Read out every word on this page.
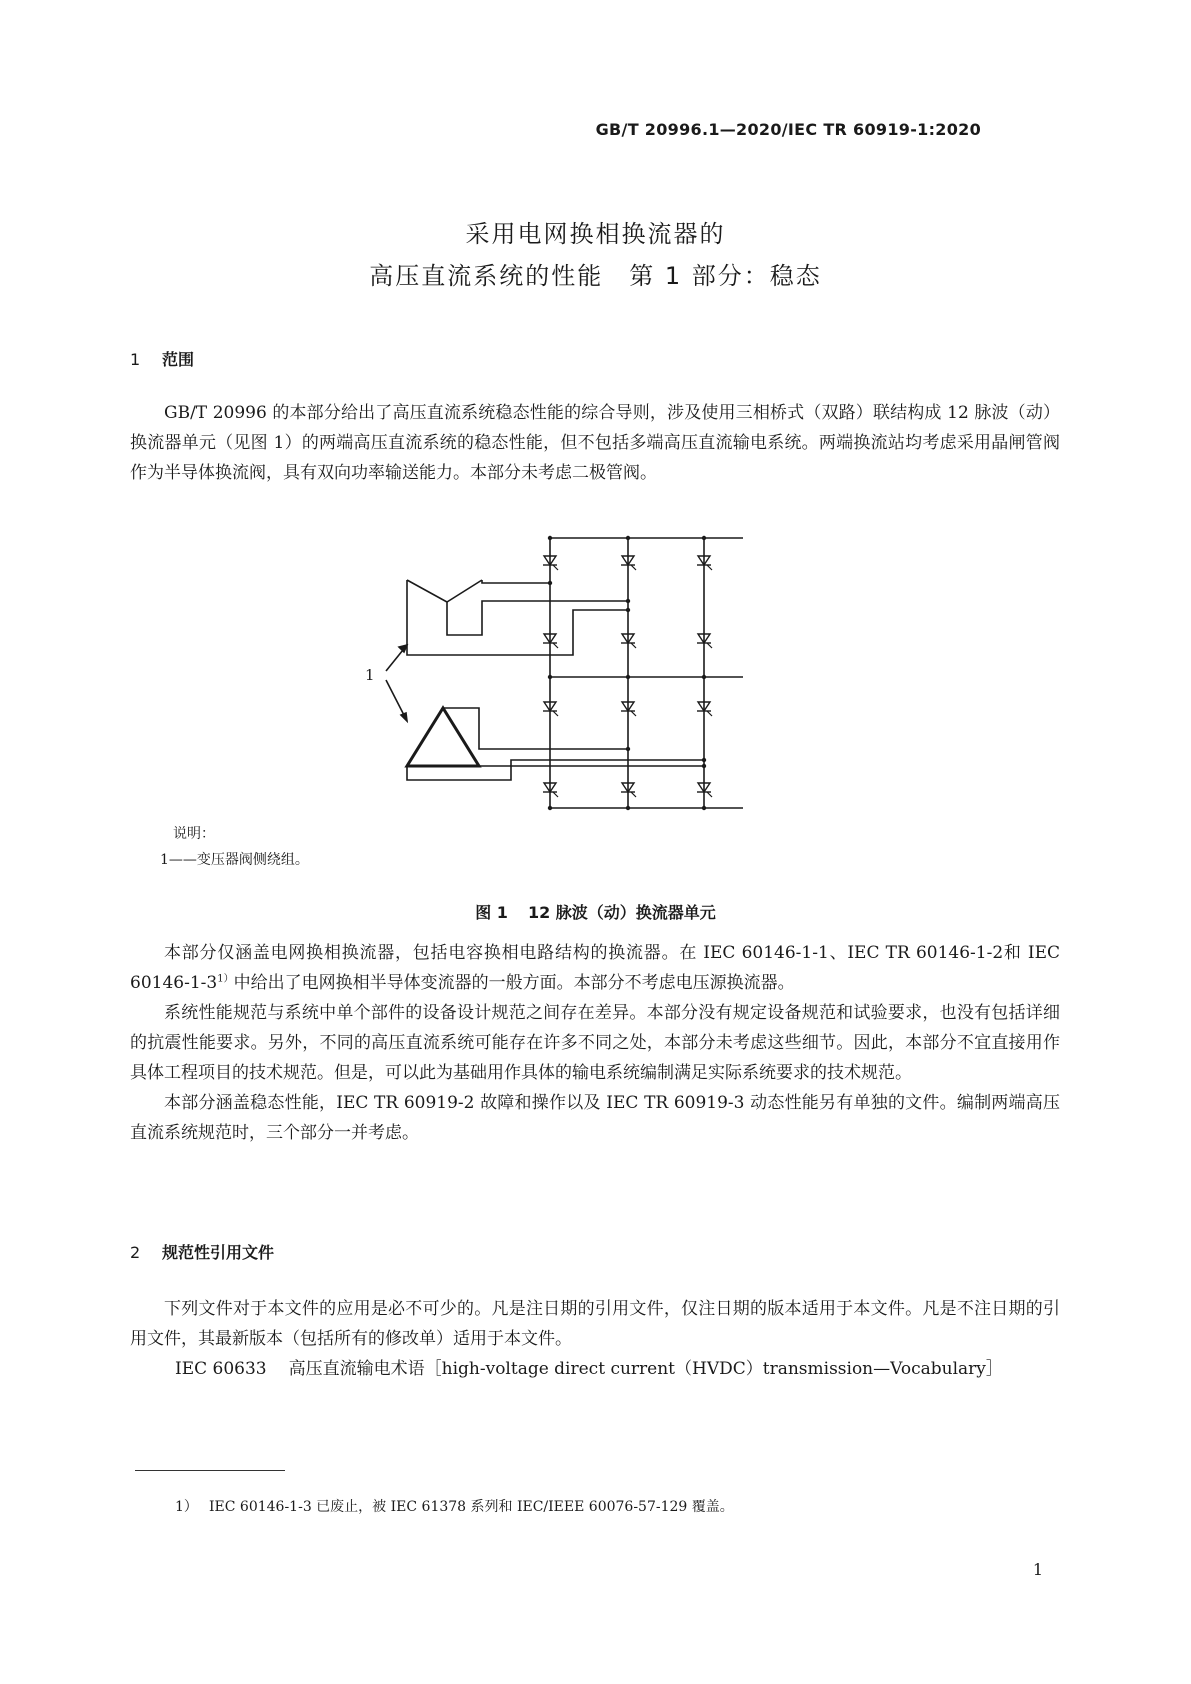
GB/T 20996.1—2020/IEC TR 60919-1:2020
采用电网换相换流器的
高压直流系统的性能　第 1 部分：稳态
1 范围

GB/T 20996 的本部分给出了高压直流系统稳态性能的综合导则，涉及使用三相桥式（双路）联结构成 12 脉波（动）换流器单元（见图 1）的两端高压直流系统的稳态性能，但不包括多端高压直流输电系统。两端换流站均考虑采用晶闸管阀作为半导体换流阀，具有双向功率输送能力。本部分未考虑二极管阀。

1
说明：
1——变压器阀侧绕组。
图 1 12 脉波（动）换流器单元

本部分仅涵盖电网换相换流器，包括电容换相电路结构的换流器。在 IEC 60146-1-1、IEC TR 60146-1-2和 IEC $60146-1-3^{1)}$中给出了电网换相半导体变流器的一般方面。本部分不考虑电压源换流器。

系统性能规范与系统中单个部件的设备设计规范之间存在差异。本部分没有规定设备规范和试验要求，也没有包括详细的抗震性能要求。另外，不同的高压直流系统可能存在许多不同之处，本部分未考虑这些细节。因此，本部分不宜直接用作具体工程项目的技术规范。但是，可以此为基础用作具体的输电系统编制满足实际系统要求的技术规范。

本部分涵盖稳态性能，IEC TR 60919-2 故障和操作以及 IEC TR 60919-3 动态性能另有单独的文件。编制两端高压直流系统规范时，三个部分一并考虑。

2 规范性引用文件

下列文件对于本文件的应用是必不可少的。凡是注日期的引用文件，仅注日期的版本适用于本文件。凡是不注日期的引用文件，其最新版本（包括所有的修改单）适用于本文件。

IEC 60633 高压直流输电术语［high-voltage direct current（HVDC）transmission—Vocabulary］
1） IEC 60146-1-3 已废止，被 IEC 61378 系列和 IEC/IEEE 60076-57-129 覆盖。
1
